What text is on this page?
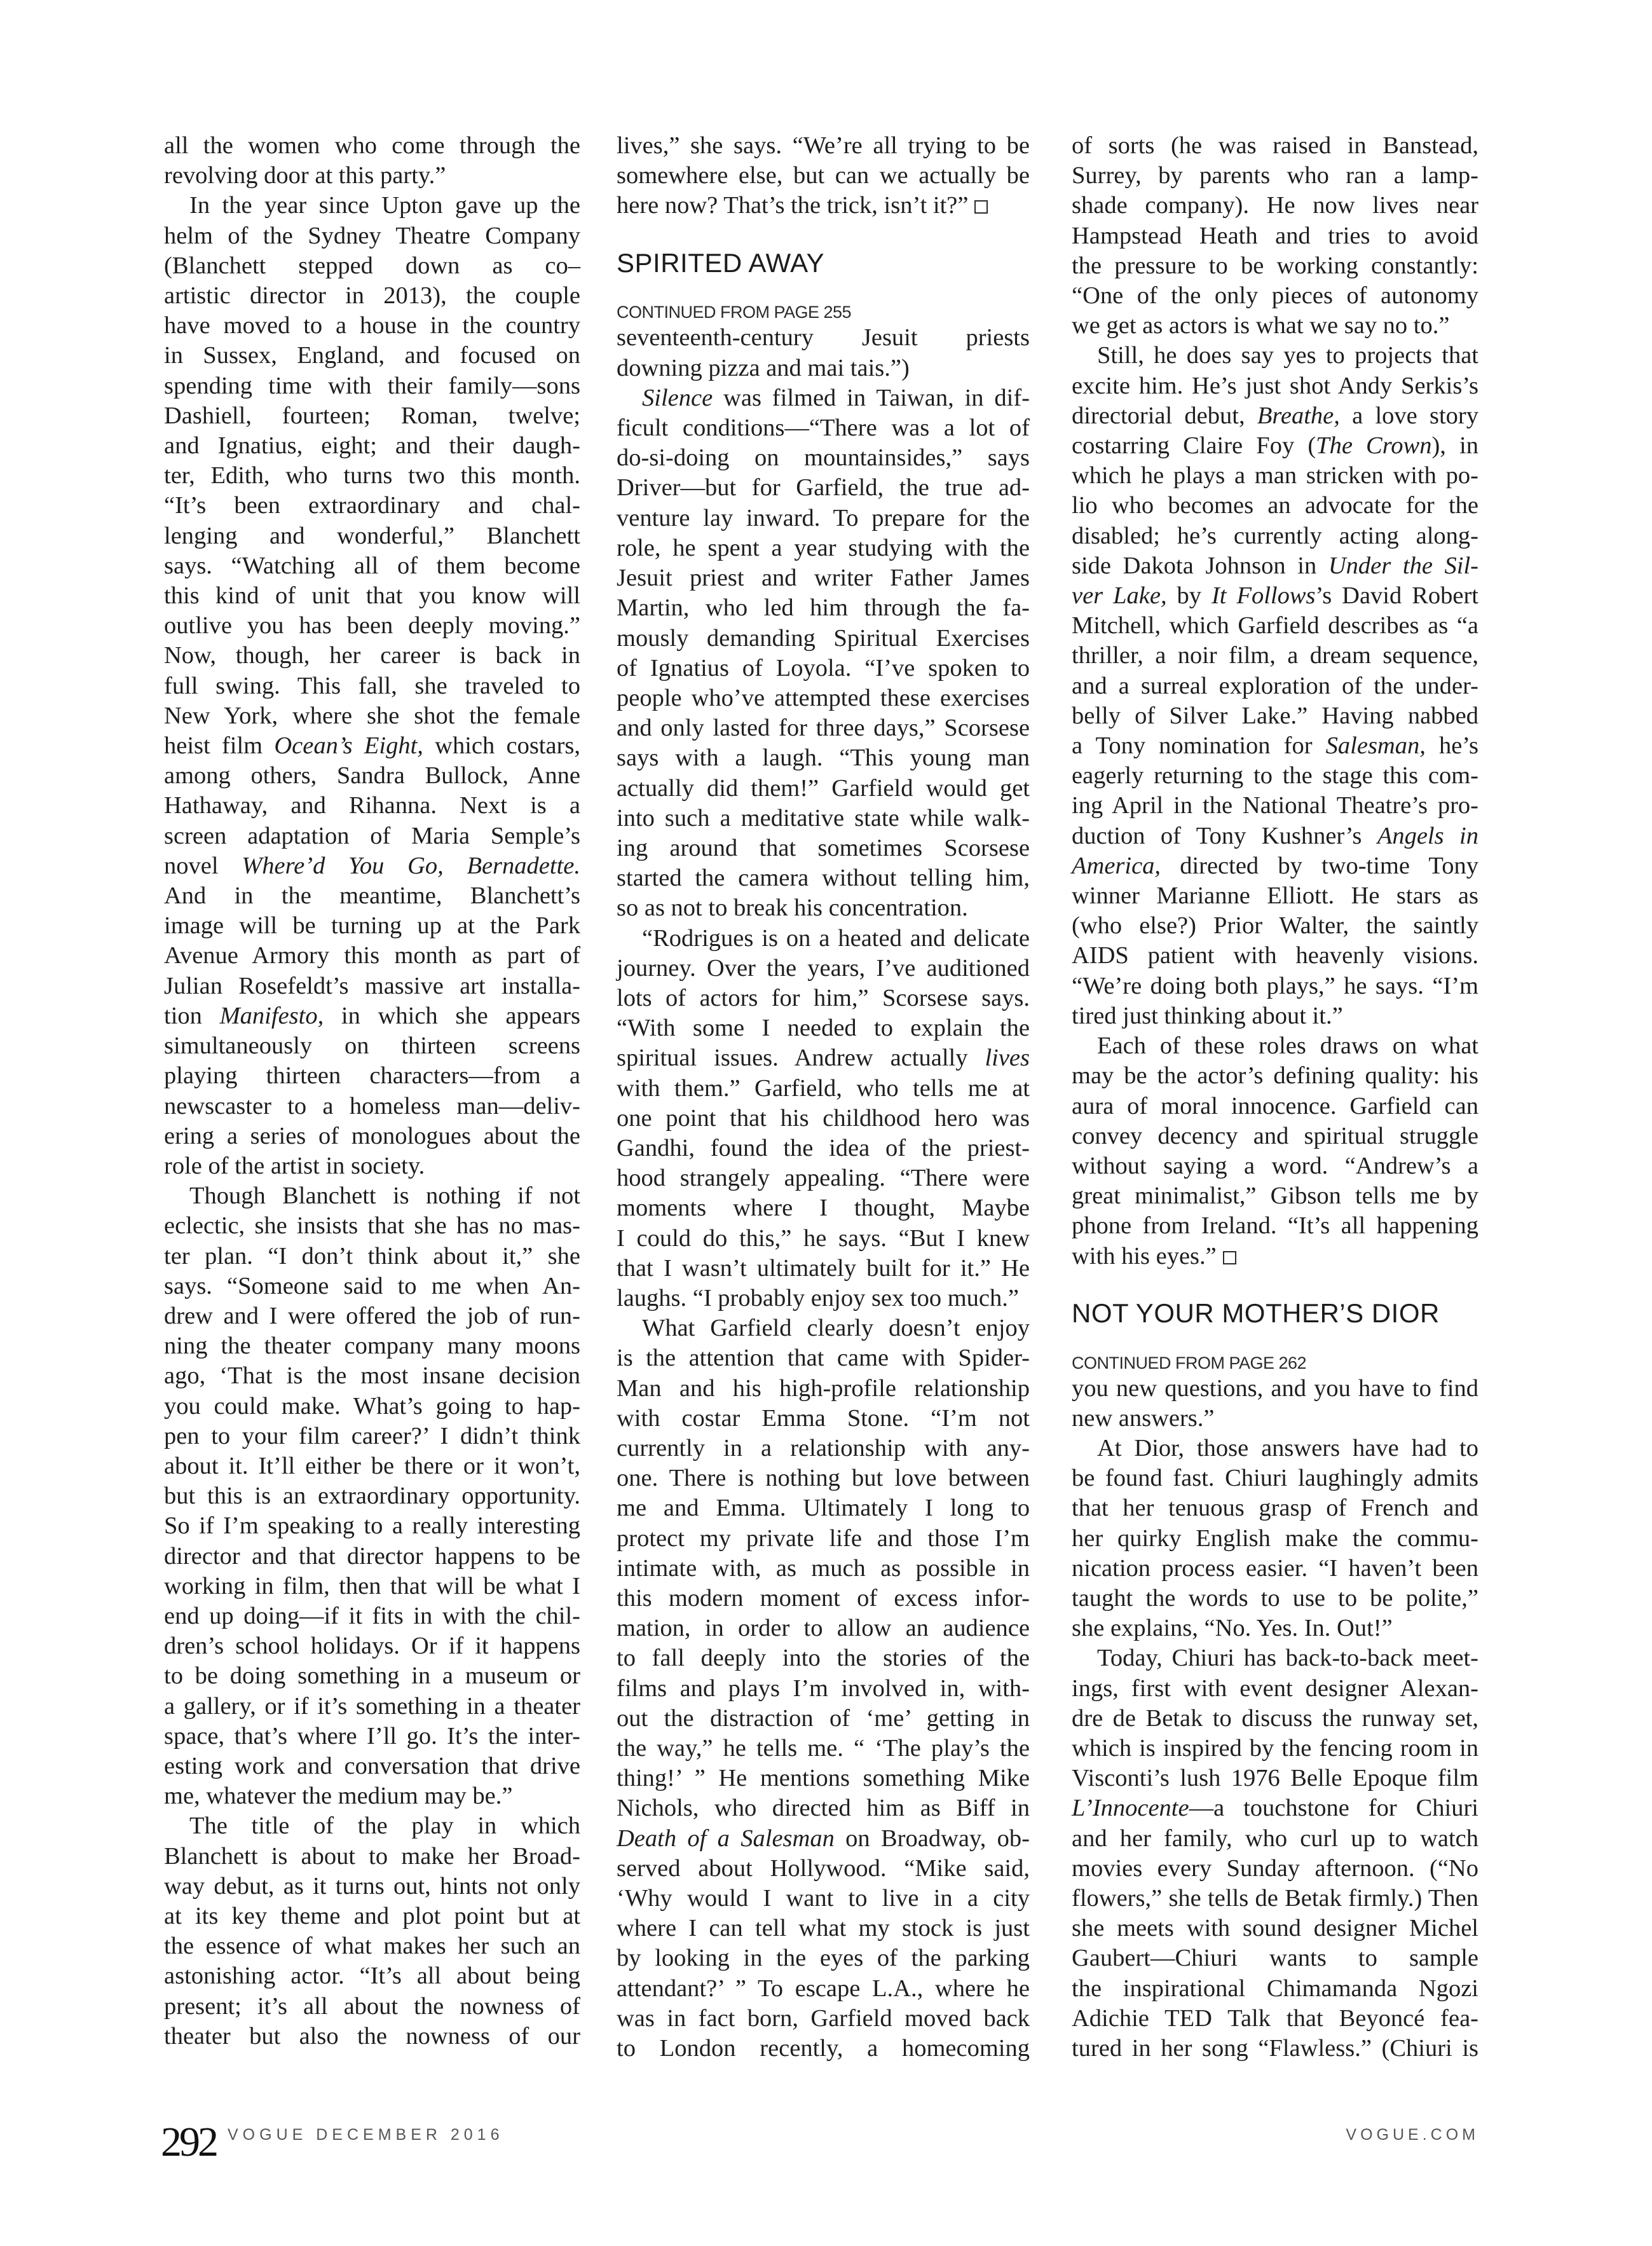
all the women who come through the
revolving door at this party.”
In the year since Upton gave up the
helm of the Sydney Theatre Company
(Blanchett stepped down as co–
artistic director in 2013), the couple
have moved to a house in the country
in Sussex, England, and focused on
spending time with their family—sons
Dashiell, fourteen; Roman, twelve;
and Ignatius, eight; and their daugh-
ter, Edith, who turns two this month.
“It’s been extraordinary and chal-
lenging and wonderful,” Blanchett
says. “Watching all of them become
this kind of unit that you know will
outlive you has been deeply moving.”
Now, though, her career is back in
full swing. This fall, she traveled to
New York, where she shot the female
heist film Ocean’s Eight, which costars,
among others, Sandra Bullock, Anne
Hathaway, and Rihanna. Next is a
screen adaptation of Maria Semple’s
novel Where’d You Go, Bernadette.
And in the meantime, Blanchett’s
image will be turning up at the Park
Avenue Armory this month as part of
Julian Rosefeldt’s massive art installa-
tion Manifesto, in which she appears
simultaneously on thirteen screens
playing thirteen characters—from a
newscaster to a homeless man—deliv-
ering a series of monologues about the
role of the artist in society.
Though Blanchett is nothing if not
eclectic, she insists that she has no mas-
ter plan. “I don’t think about it,” she
says. “Someone said to me when An-
drew and I were offered the job of run-
ning the theater company many moons
ago, ‘That is the most insane decision
you could make. What’s going to hap-
pen to your film career?’ I didn’t think
about it. It’ll either be there or it won’t,
but this is an extraordinary opportunity.
So if I’m speaking to a really interesting
director and that director happens to be
working in film, then that will be what I
end up doing—if it fits in with the chil-
dren’s school holidays. Or if it happens
to be doing something in a museum or
a gallery, or if it’s something in a theater
space, that’s where I’ll go. It’s the inter-
esting work and conversation that drive
me, whatever the medium may be.”
The title of the play in which
Blanchett is about to make her Broad-
way debut, as it turns out, hints not only
at its key theme and plot point but at
the essence of what makes her such an
astonishing actor. “It’s all about being
present; it’s all about the nowness of
theater but also the nowness of our
lives,” she says. “We’re all trying to be
somewhere else, but can we actually be
here now? That’s the trick, isn’t it?”
SPIRITED AWAY
CONTINUED FROM PAGE 255
seventeenth-century Jesuit priests
downing pizza and mai tais.”)
Silence was filmed in Taiwan, in dif-
ficult conditions—“There was a lot of
do-si-doing on mountainsides,” says
Driver—but for Garfield, the true ad-
venture lay inward. To prepare for the
role, he spent a year studying with the
Jesuit priest and writer Father James
Martin, who led him through the fa-
mously demanding Spiritual Exercises
of Ignatius of Loyola. “I’ve spoken to
people who’ve attempted these exercises
and only lasted for three days,” Scorsese
says with a laugh. “This young man
actually did them!” Garfield would get
into such a meditative state while walk-
ing around that sometimes Scorsese
started the camera without telling him,
so as not to break his concentration.
“Rodrigues is on a heated and delicate
journey. Over the years, I’ve auditioned
lots of actors for him,” Scorsese says.
“With some I needed to explain the
spiritual issues. Andrew actually lives
with them.” Garfield, who tells me at
one point that his childhood hero was
Gandhi, found the idea of the priest-
hood strangely appealing. “There were
moments where I thought, Maybe
I could do this,” he says. “But I knew
that I wasn’t ultimately built for it.” He
laughs. “I probably enjoy sex too much.”
What Garfield clearly doesn’t enjoy
is the attention that came with Spider-
Man and his high-profile relationship
with costar Emma Stone. “I’m not
currently in a relationship with any-
one. There is nothing but love between
me and Emma. Ultimately I long to
protect my private life and those I’m
intimate with, as much as possible in
this modern moment of excess infor-
mation, in order to allow an audience
to fall deeply into the stories of the
films and plays I’m involved in, with-
out the distraction of ‘me’ getting in
the way,” he tells me. “ ‘The play’s the
thing!’ ” He mentions something Mike
Nichols, who directed him as Biff in
Death of a Salesman on Broadway, ob-
served about Hollywood. “Mike said,
‘Why would I want to live in a city
where I can tell what my stock is just
by looking in the eyes of the parking
attendant?’ ” To escape L.A., where he
was in fact born, Garfield moved back
to London recently, a homecoming
of sorts (he was raised in Banstead,
Surrey, by parents who ran a lamp-
shade company). He now lives near
Hampstead Heath and tries to avoid
the pressure to be working constantly:
“One of the only pieces of autonomy
we get as actors is what we say no to.”
Still, he does say yes to projects that
excite him. He’s just shot Andy Serkis’s
directorial debut, Breathe, a love story
costarring Claire Foy (The Crown), in
which he plays a man stricken with po-
lio who becomes an advocate for the
disabled; he’s currently acting along-
side Dakota Johnson in Under the Sil-
ver Lake, by It Follows’s David Robert
Mitchell, which Garfield describes as “a
thriller, a noir film, a dream sequence,
and a surreal exploration of the under-
belly of Silver Lake.” Having nabbed
a Tony nomination for Salesman, he’s
eagerly returning to the stage this com-
ing April in the National Theatre’s pro-
duction of Tony Kushner’s Angels in
America, directed by two-time Tony
winner Marianne Elliott. He stars as
(who else?) Prior Walter, the saintly
AIDS patient with heavenly visions.
“We’re doing both plays,” he says. “I’m
tired just thinking about it.”
Each of these roles draws on what
may be the actor’s defining quality: his
aura of moral innocence. Garfield can
convey decency and spiritual struggle
without saying a word. “Andrew’s a
great minimalist,” Gibson tells me by
phone from Ireland. “It’s all happening
with his eyes.”
NOT YOUR MOTHER’S DIOR
CONTINUED FROM PAGE 262
you new questions, and you have to find
new answers.”
At Dior, those answers have had to
be found fast. Chiuri laughingly admits
that her tenuous grasp of French and
her quirky English make the commu-
nication process easier. “I haven’t been
taught the words to use to be polite,”
she explains, “No. Yes. In. Out!”
Today, Chiuri has back-to-back meet-
ings, first with event designer Alexan-
dre de Betak to discuss the runway set,
which is inspired by the fencing room in
Visconti’s lush 1976 Belle Epoque film
L’Innocente—a touchstone for Chiuri
and her family, who curl up to watch
movies every Sunday afternoon. (“No
flowers,” she tells de Betak firmly.) Then
she meets with sound designer Michel
Gaubert—Chiuri wants to sample
the inspirational Chimamanda Ngozi
Adichie TED Talk that Beyoncé fea-
tured in her song “Flawless.” (Chiuri is
292 VOGUE DECEMBER 2016	VOGUE.COM
